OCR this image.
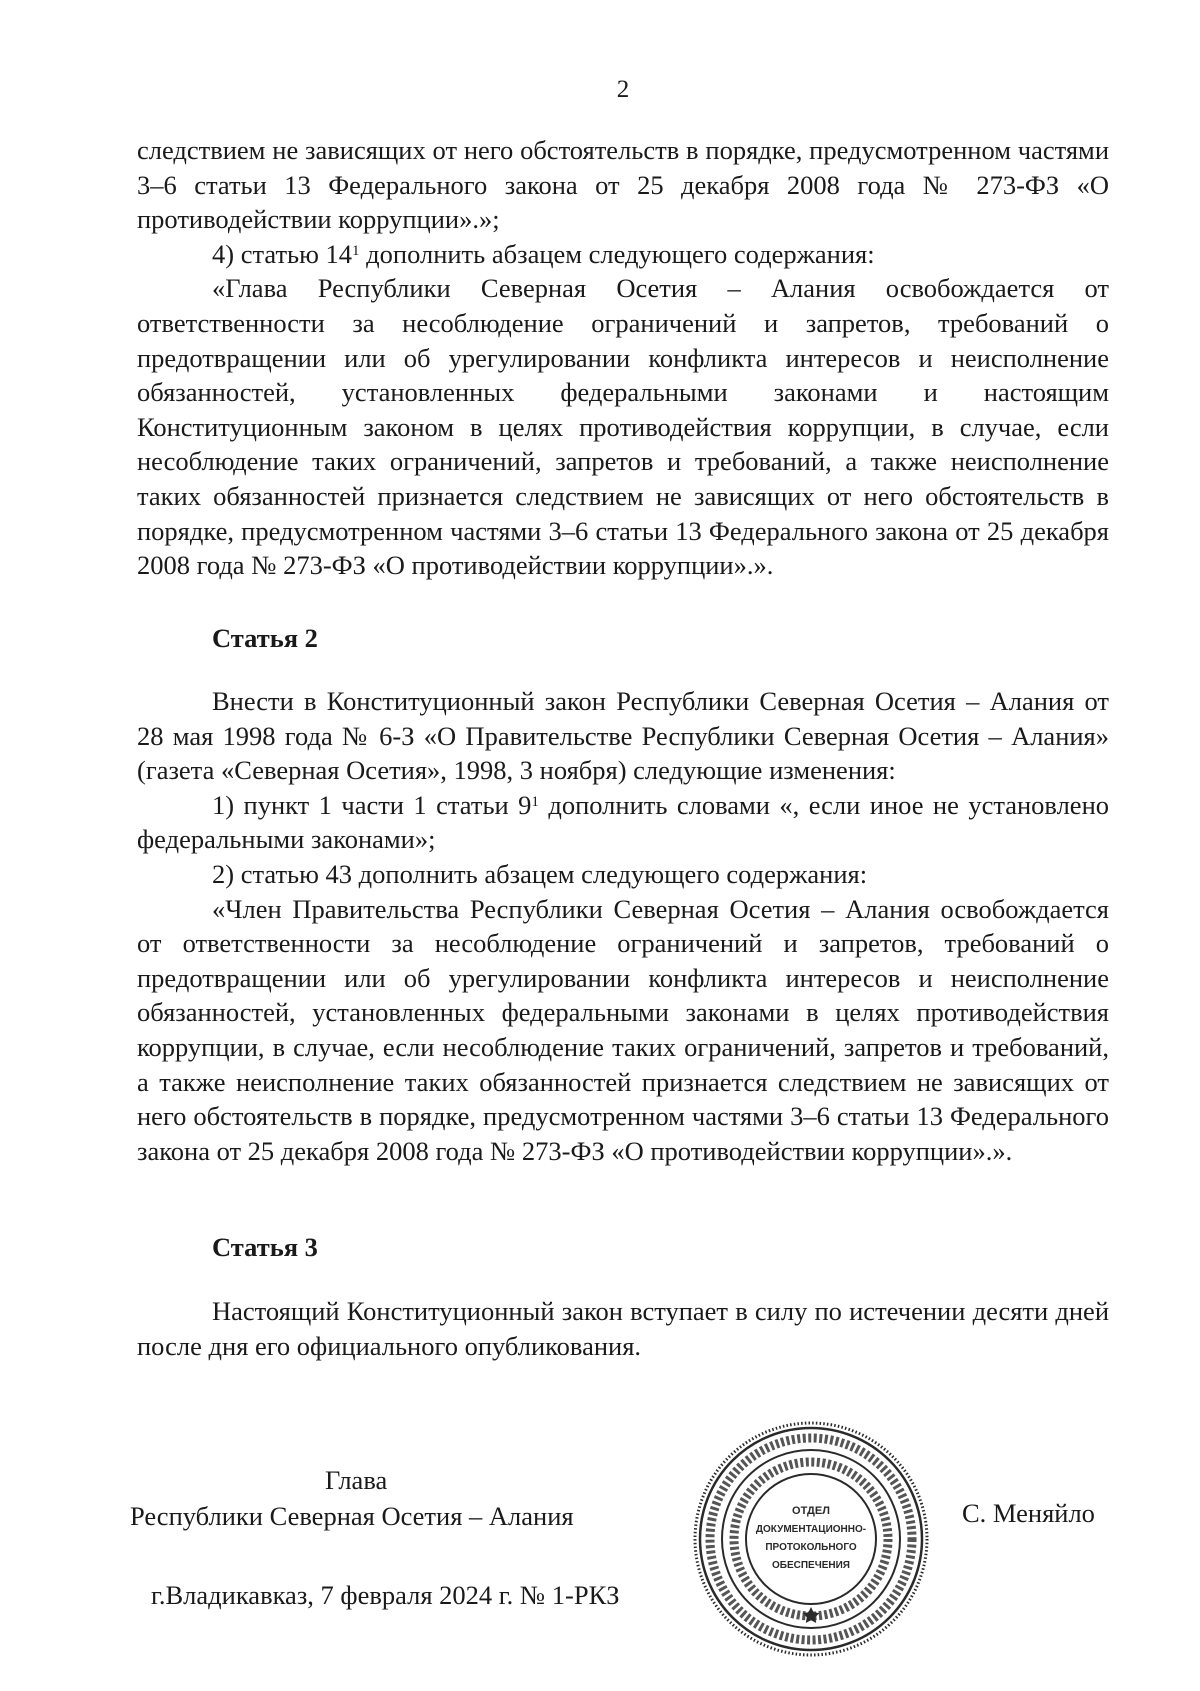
2

следствием не зависящих от него обстоятельств в порядке, предусмотренном частями 3–6 статьи 13 Федерального закона от 25 декабря 2008 года № 273-ФЗ «О противодействии коррупции».»;

4) статью $14^1$ дополнить абзацем следующего содержания:

«Глава Республики Северная Осетия – Алания освобождается от ответственности за несоблюдение ограничений и запретов, требований о предотвращении или об урегулировании конфликта интересов и неисполнение обязанностей, установленных федеральными законами и настоящим Конституционным законом в целях противодействия коррупции, в случае, если несоблюдение таких ограничений, запретов и требований, а также неисполнение таких обязанностей признается следствием не зависящих от него обстоятельств в порядке, предусмотренном частями 3–6 статьи 13 Федерального закона от 25 декабря 2008 года № 273-ФЗ «О противодействии коррупции».».

Статья 2

Внести в Конституционный закон Республики Северная Осетия – Алания от 28 мая 1998 года № 6-З «О Правительстве Республики Северная Осетия – Алания» (газета «Северная Осетия», 1998, 3 ноября) следующие изменения:

1) пункт 1 части 1 статьи $9^1$ дополнить словами «, если иное не установлено федеральными законами»;

2) статью 43 дополнить абзацем следующего содержания:

«Член Правительства Республики Северная Осетия – Алания освобождается от ответственности за несоблюдение ограничений и запретов, требований о предотвращении или об урегулировании конфликта интересов и неисполнение обязанностей, установленных федеральными законами в целях противодействия коррупции, в случае, если несоблюдение таких ограничений, запретов и требований, а также неисполнение таких обязанностей признается следствием не зависящих от него обстоятельств в порядке, предусмотренном частями 3–6 статьи 13 Федерального закона от 25 декабря 2008 года № 273-ФЗ «О противодействии коррупции».».

Статья 3

Настоящий Конституционный закон вступает в силу по истечении десяти дней после дня его официального опубликования.

Глава
Республики Северная Осетия – Алания	С. Меняйло
г.Владикавказ, 7 февраля 2024 г. № 1-РКЗ
ОТДЕЛ
ДОКУМЕНТАЦИОННО-
ПРОТОКОЛЬНОГО
ОБЕСПЕЧЕНИЯ
